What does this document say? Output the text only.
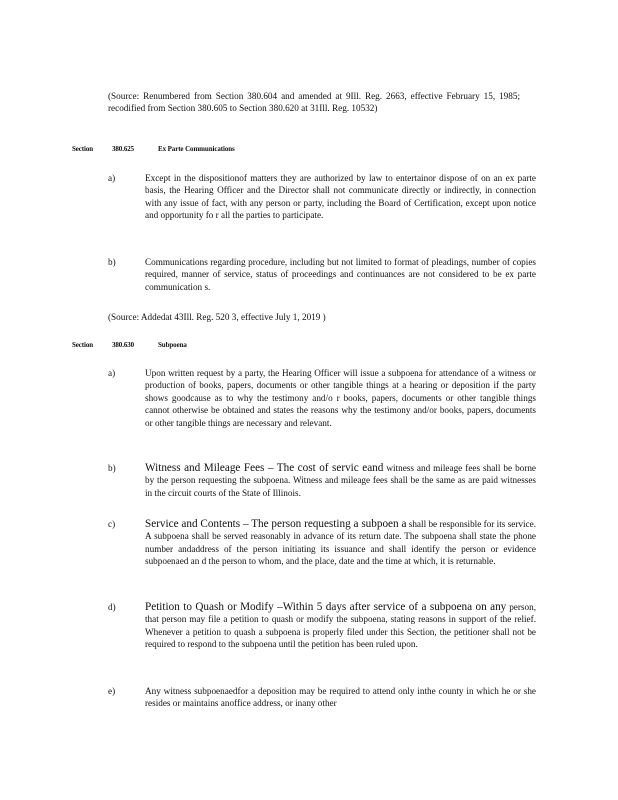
(Source: Renumbered from Section 380.604 and amended at 9Ill. Reg. 2663, effective February 15, 1985; recodified from Section 380.605 to Section 380.620 at 31Ill. Reg. 10532)

Section	380.625	Ex Parte Communications
a)	Except in the dispositionof matters they are authorized by law to entertainor dispose of on an ex parte basis, the Hearing Officer and the Director shall not communicate directly or indirectly, in connection with any issue of fact, with any person or party, including the Board of Certification, except upon notice and opportunity fo r all the parties to participate.

b)	Communications regarding procedure, including but not limited to format of pleadings, number of copies required, manner of service, status of proceedings and continuances are not considered to be ex parte communication s.

(Source: Addedat 43Ill. Reg. 520 3, effective July 1, 2019 )

Section	380.630	Subpoena
a)	Upon written request by a party, the Hearing Officer will issue a subpoena for attendance of a witness or production of books, papers, documents or other tangible things at a hearing or deposition if the party shows goodcause as to why the testimony and/o r books, papers, documents or other tangible things cannot otherwise be obtained and states the reasons why the testimony and/or books, papers, documents or other tangible things are necessary and relevant.

b)	Witness and Mileage Fees – The cost of servic eand witness and mileage fees shall be borne by the person requesting the subpoena. Witness and mileage fees shall be the same as are paid witnesses in the circuit courts of the State of Illinois.

c)	Service and Contents – The person requesting a subpoen a shall be responsible for its service. A subpoena shall be served reasonably in advance of its return date. The subpoena shall state the phone number andaddress of the person initiating its issuance and shall identify the person or evidence subpoenaed an d the person to whom, and the place, date and the time at which, it is returnable.

d)	Petition to Quash or Modify –Within 5 days after service of a subpoena on any person, that person may file a petition to quash or modify the subpoena, stating reasons in support of the relief. Whenever a petition to quash a subpoena is properly filed under this Section, the petitioner shall not be required to respond to the subpoena until the petition has been ruled upon.

e)	Any witness subpoenaedfor a deposition may be required to attend only inthe county in which he or she resides or maintains anoffice address, or inany other
